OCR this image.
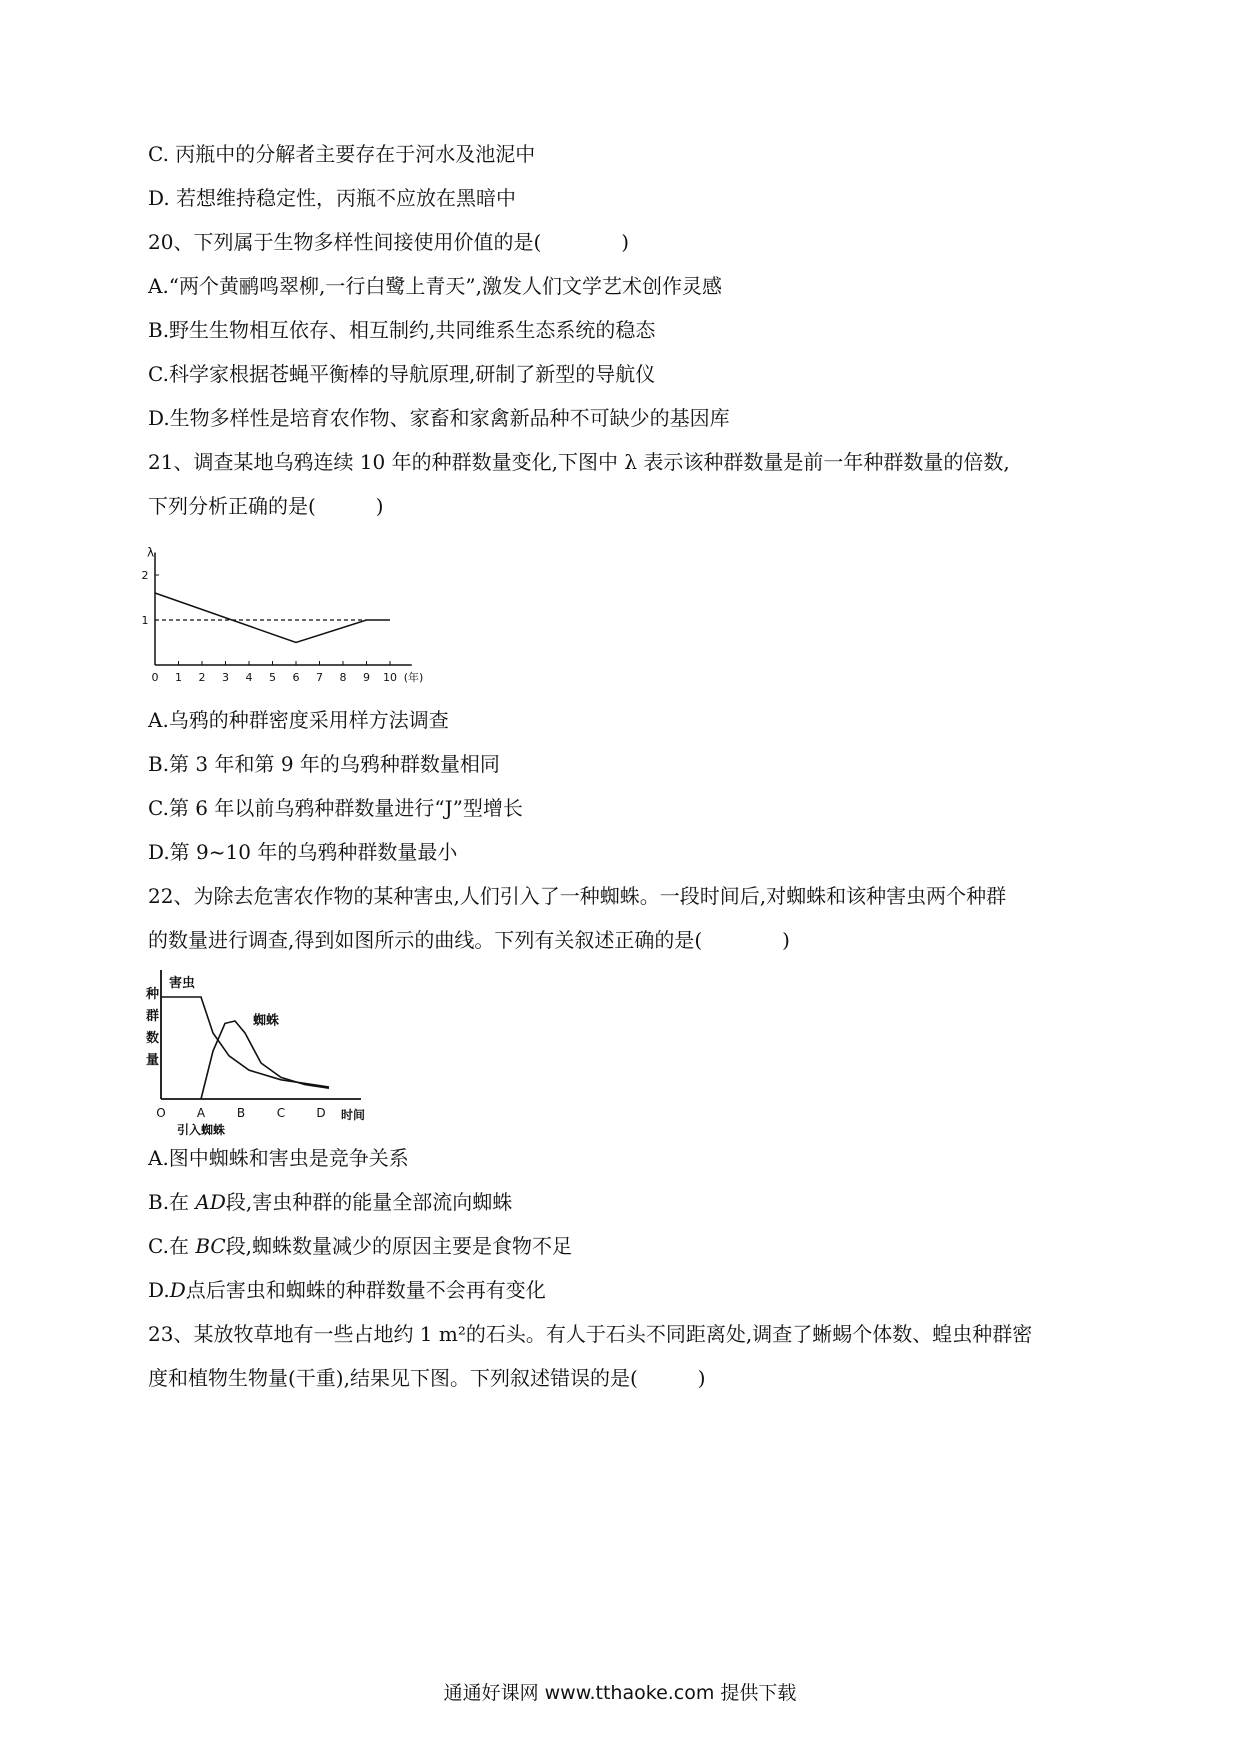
C. 丙瓶中的分解者主要存在于河水及池泥中
D. 若想维持稳定性，丙瓶不应放在黑暗中
20、下列属于生物多样性间接使用价值的是(　　　　)
A.“两个黄鹂鸣翠柳,一行白鹭上青天”,激发人们文学艺术创作灵感
B.野生生物相互依存、相互制约,共同维系生态系统的稳态
C.科学家根据苍蝇平衡棒的导航原理,研制了新型的导航仪
D.生物多样性是培育农作物、家畜和家禽新品种不可缺少的基因库
21、调查某地乌鸦连续 10 年的种群数量变化,下图中 λ 表示该种群数量是前一年种群数量的倍数,
下列分析正确的是(　　　)
0 1 2 3 4 5 6 7 8 9 10
1
2
λ
(年)
A.乌鸦的种群密度采用样方法调查
B.第 3 年和第 9 年的乌鸦种群数量相同
C.第 6 年以前乌鸦种群数量进行“J”型增长
D.第 9~10 年的乌鸦种群数量最小
22、为除去危害农作物的某种害虫,人们引入了一种蜘蛛。一段时间后,对蜘蛛和该种害虫两个种群
的数量进行调查,得到如图所示的曲线。下列有关叙述正确的是(　　　　)
O	A	B	C	D 时间
引入蜘蛛
种
群
数
量
害虫
蜘蛛
A.图中蜘蛛和害虫是竞争关系
B.在 AD段,害虫种群的能量全部流向蜘蛛
C.在 BC段,蜘蛛数量减少的原因主要是食物不足
D.D点后害虫和蜘蛛的种群数量不会再有变化
23、某放牧草地有一些占地约 1 m²的石头。有人于石头不同距离处,调查了蜥蜴个体数、蝗虫种群密
度和植物生物量(干重),结果见下图。下列叙述错误的是(　　　)
通通好课网 www.tthaoke.com 提供下载
